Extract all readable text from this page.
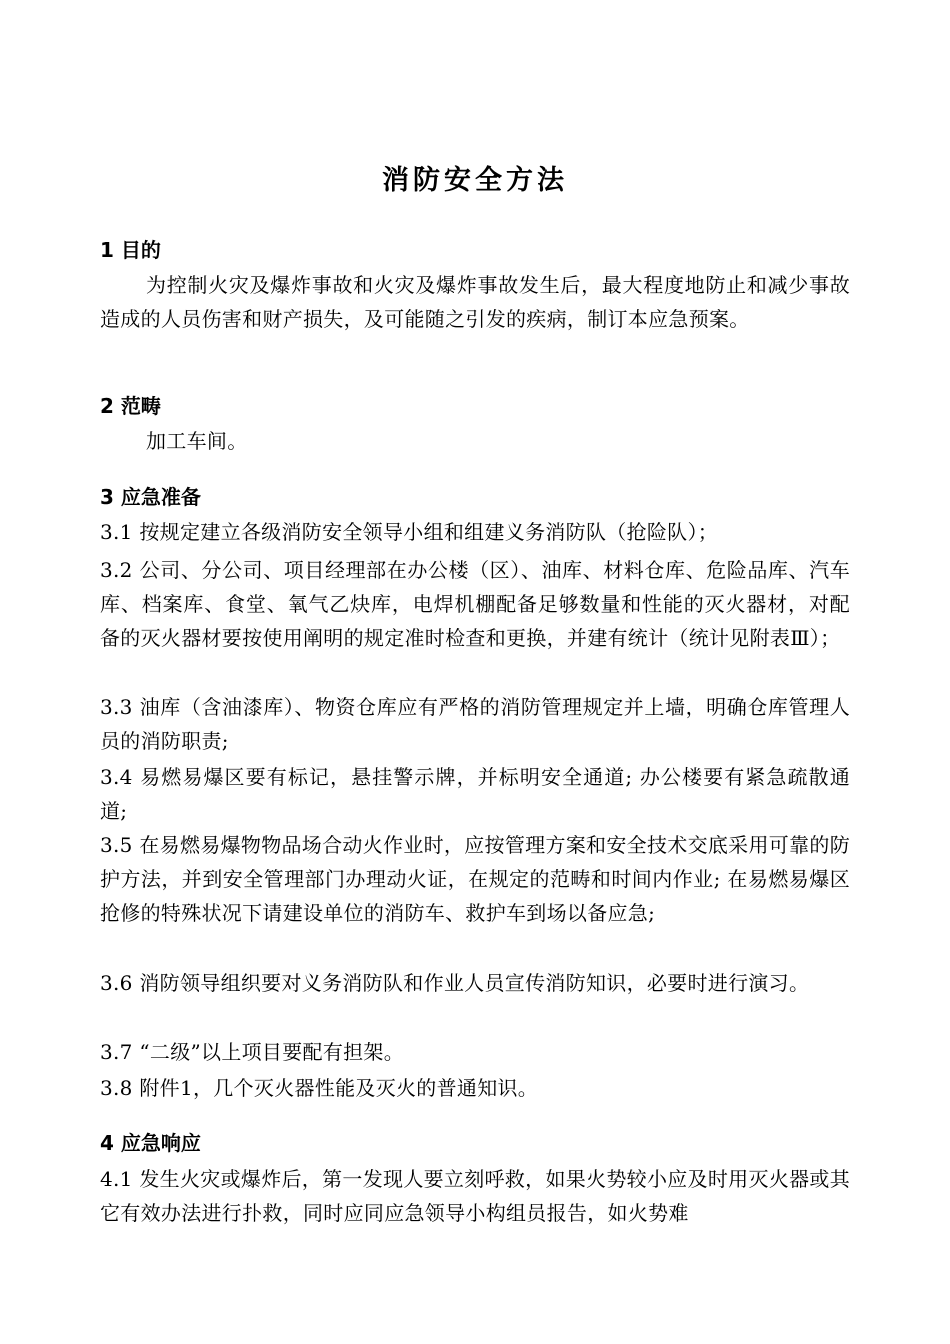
消防安全方法
1 目的
为控制火灾及爆炸事故和火灾及爆炸事故发生后，最大程度地防止和减少事故造成的人员伤害和财产损失，及可能随之引发的疾病，制订本应急预案。
2 范畴
加工车间。
3 应急准备
3.1 按规定建立各级消防安全领导小组和组建义务消防队（抢险队）；
3.2 公司、分公司、项目经理部在办公楼（区）、油库、材料仓库、危险品库、汽车库、档案库、食堂、氧气乙炔库，电焊机棚配备足够数量和性能的灭火器材，对配备的灭火器材要按使用阐明的规定准时检查和更换，并建有统计（统计见附表Ⅲ）；
3.3 油库（含油漆库）、物资仓库应有严格的消防管理规定并上墙，明确仓库管理人员的消防职责;
3.4 易燃易爆区要有标记，悬挂警示牌，并标明安全通道; 办公楼要有紧急疏散通道;
3.5 在易燃易爆物物品场合动火作业时，应按管理方案和安全技术交底采用可靠的防护方法，并到安全管理部门办理动火证，在规定的范畴和时间内作业; 在易燃易爆区抢修的特殊状况下请建设单位的消防车、救护车到场以备应急;
3.6 消防领导组织要对义务消防队和作业人员宣传消防知识，必要时进行演习。
3.7 “二级”以上项目要配有担架。
3.8 附件1，几个灭火器性能及灭火的普通知识。
4 应急响应
4.1 发生火灾或爆炸后，第一发现人要立刻呼救，如果火势较小应及时用灭火器或其它有效办法进行扑救，同时应同应急领导小构组员报告，如火势难
